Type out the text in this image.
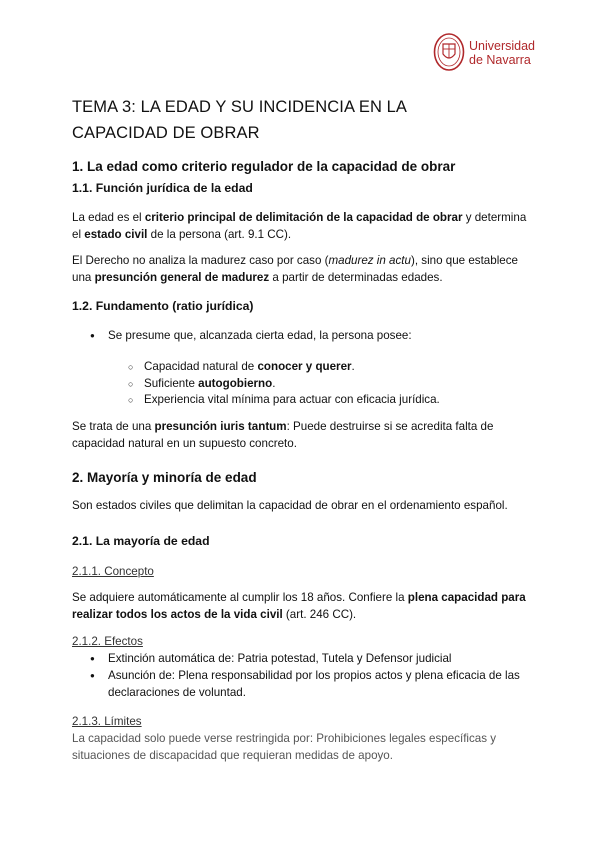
Universidad
de Navarra
TEMA 3: LA EDAD Y SU INCIDENCIA EN LA
CAPACIDAD DE OBRAR
1. La edad como criterio regulador de la capacidad de obrar
1.1. Función jurídica de la edad
La edad es el criterio principal de delimitación de la capacidad de obrar y determina el estado civil de la persona (art. 9.1 CC).
El Derecho no analiza la madurez caso por caso (madurez in actu), sino que establece una presunción general de madurez a partir de determinadas edades.
1.2. Fundamento (ratio jurídica)
● Se presume que, alcanzada cierta edad, la persona posee:
○ Capacidad natural de conocer y querer.
○ Suficiente autogobierno.
○ Experiencia vital mínima para actuar con eficacia jurídica.
Se trata de una presunción iuris tantum: Puede destruirse si se acredita falta de capacidad natural en un supuesto concreto.
2. Mayoría y minoría de edad
Son estados civiles que delimitan la capacidad de obrar en el ordenamiento español.
2.1. La mayoría de edad
2.1.1. Concepto
Se adquiere automáticamente al cumplir los 18 años. Confiere la plena capacidad para realizar todos los actos de la vida civil (art. 246 CC).
2.1.2. Efectos
● Extinción automática de: Patria potestad, Tutela y Defensor judicial
● Asunción de: Plena responsabilidad por los propios actos y plena eficacia de las declaraciones de voluntad.
2.1.3. Límites
La capacidad solo puede verse restringida por: Prohibiciones legales específicas y situaciones de discapacidad que requieran medidas de apoyo.
